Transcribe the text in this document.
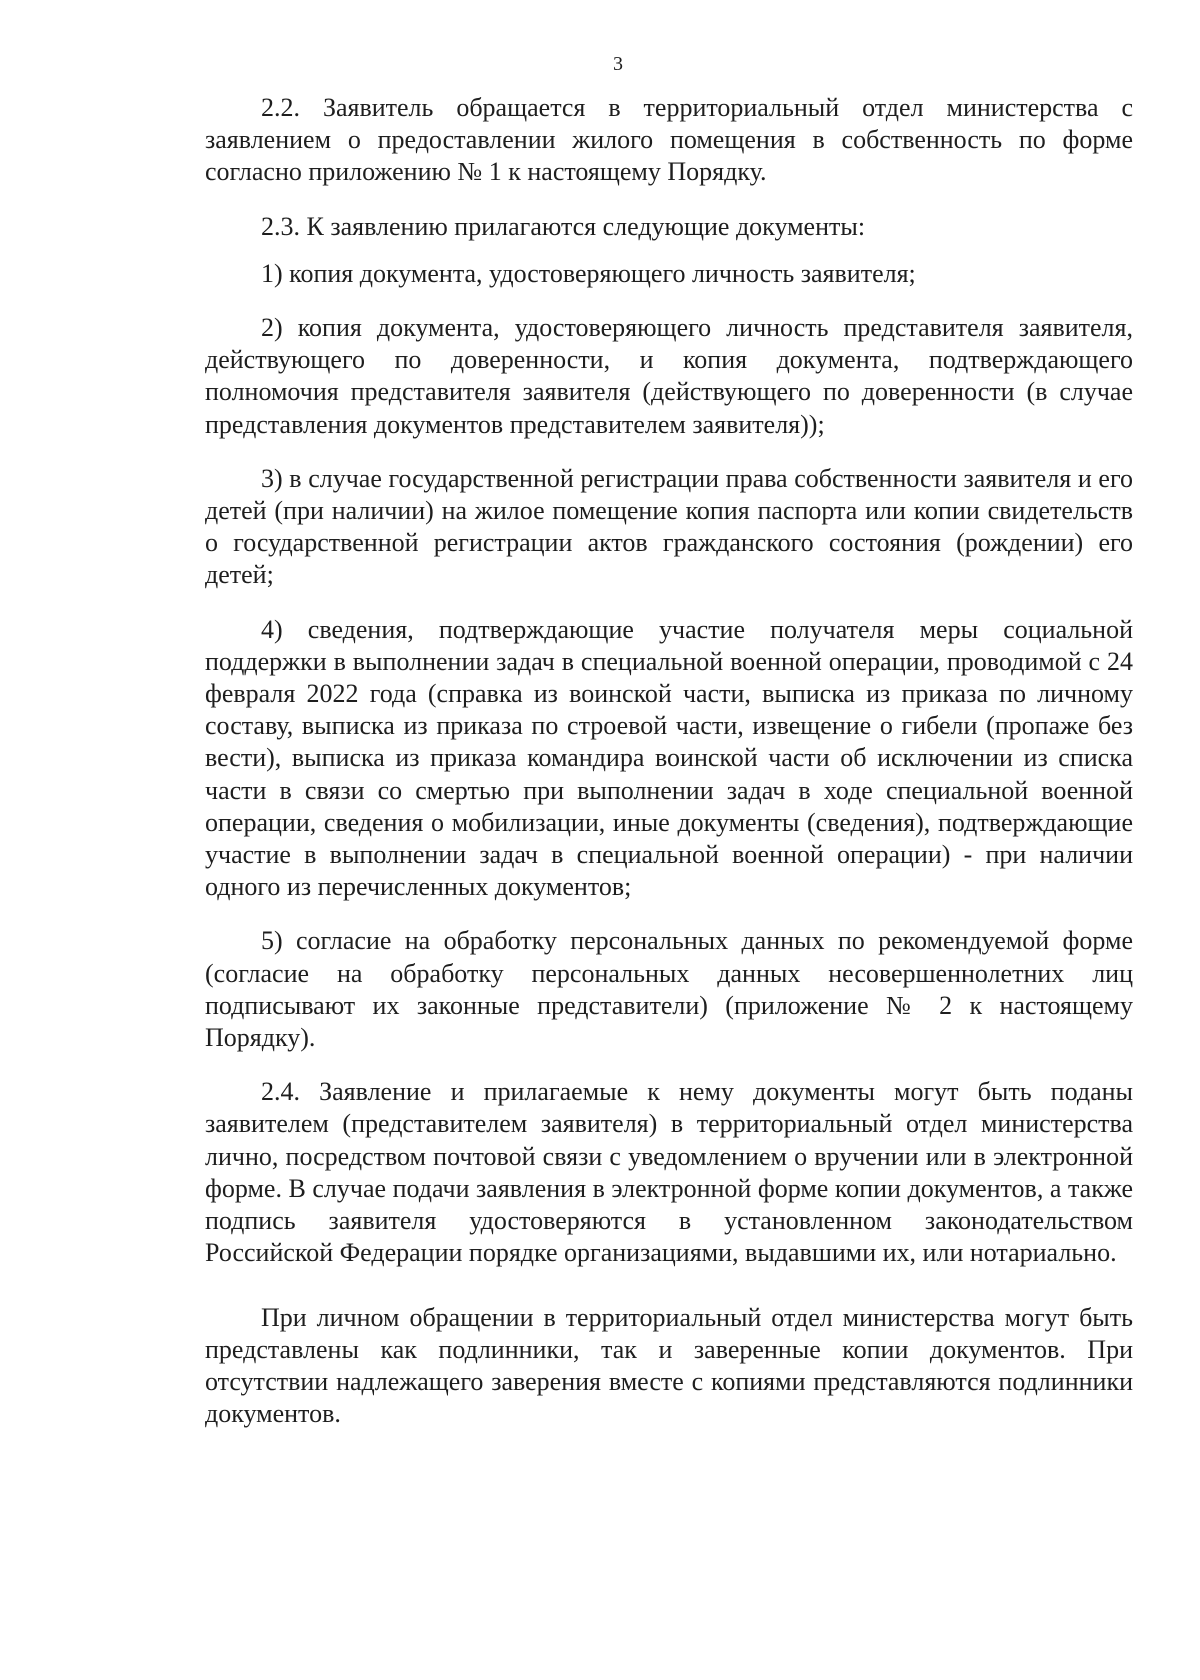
3

2.2. Заявитель обращается в территориальный отдел министерства с заявлением о предоставлении жилого помещения в собственность по форме согласно приложению № 1 к настоящему Порядку.

2.3. К заявлению прилагаются следующие документы:

1) копия документа, удостоверяющего личность заявителя;

2) копия документа, удостоверяющего личность представителя заявителя, действующего по доверенности, и копия документа, подтверждающего полномочия представителя заявителя (действующего по доверенности (в случае представления документов представителем заявителя));

3) в случае государственной регистрации права собственности заявителя и его детей (при наличии) на жилое помещение копия паспорта или копии свидетельств о государственной регистрации актов гражданского состояния (рождении) его детей;

4) сведения, подтверждающие участие получателя меры социальной поддержки в выполнении задач в специальной военной операции, проводимой с 24 февраля 2022 года (справка из воинской части, выписка из приказа по личному составу, выписка из приказа по строевой части, извещение о гибели (пропаже без вести), выписка из приказа командира воинской части об исключении из списка части в связи со смертью при выполнении задач в ходе специальной военной операции, сведения о мобилизации, иные документы (сведения), подтверждающие участие в выполнении задач в специальной военной операции) - при наличии одного из перечисленных документов;

5) согласие на обработку персональных данных по рекомендуемой форме (согласие на обработку персональных данных несовершеннолетних лиц подписывают их законные представители) (приложение № 2 к настоящему Порядку).

2.4. Заявление и прилагаемые к нему документы могут быть поданы заявителем (представителем заявителя) в территориальный отдел министерства лично, посредством почтовой связи с уведомлением о вручении или в электронной форме. В случае подачи заявления в электронной форме копии документов, а также подпись заявителя удостоверяются в установленном законодательством Российской Федерации порядке организациями, выдавшими их, или нотариально.

При личном обращении в территориальный отдел министерства могут быть представлены как подлинники, так и заверенные копии документов. При отсутствии надлежащего заверения вместе с копиями представляются подлинники документов.
